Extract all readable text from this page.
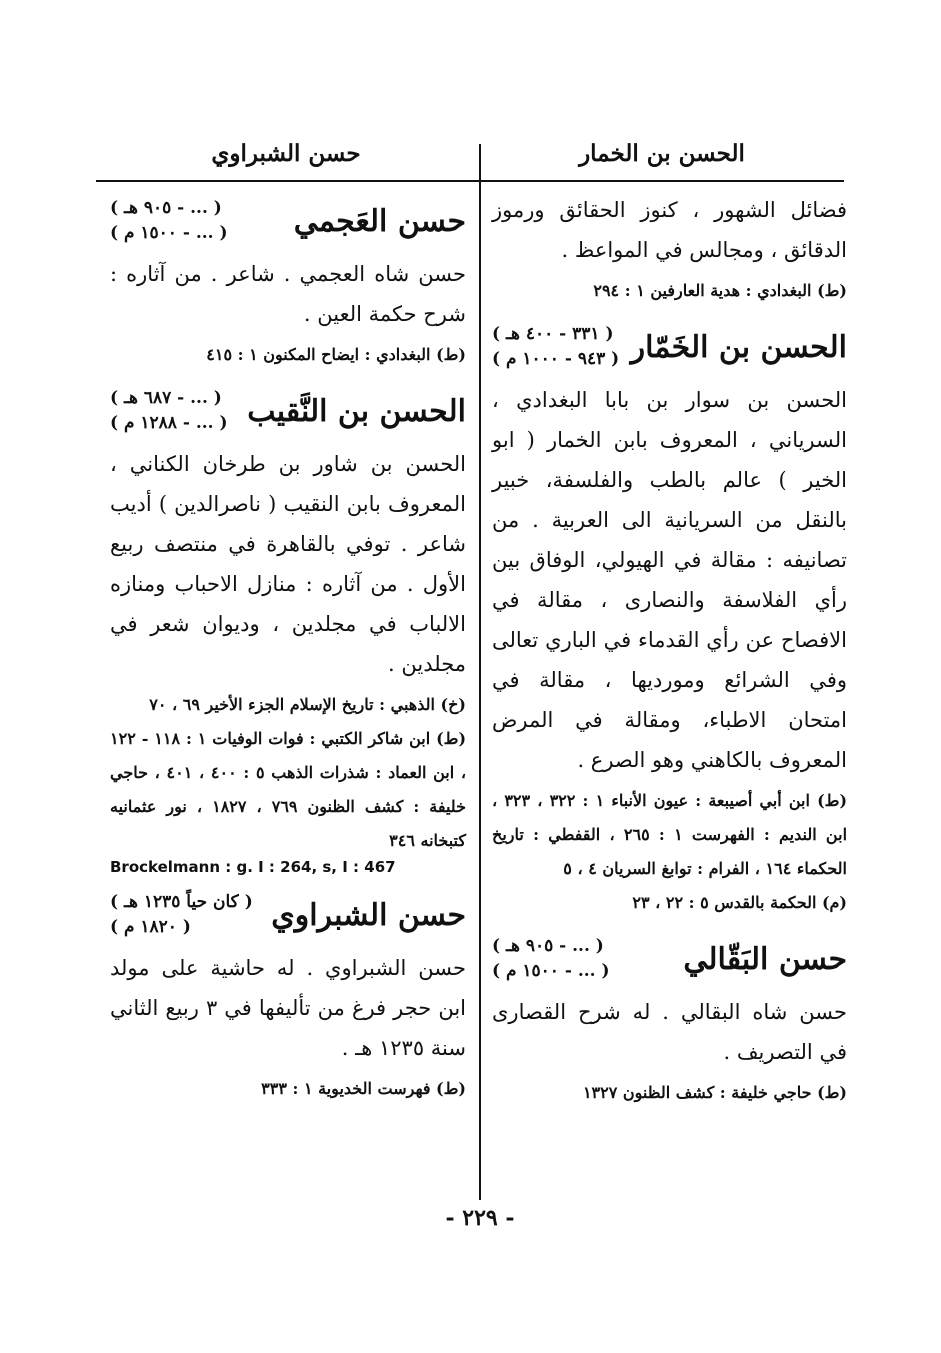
الحسن بن الخمار
حسن الشبراوي

فضائل الشهور ، كنوز الحقائق ورموز الدقائق ، ومجالس في المواعظ .

(ط) البغدادي : هدية العارفين ١ : ٢٩٤

الحسن بن الخَمّار
( ٣٣١ - ٤٠٠ هـ )
( ٩٤٣ - ١٠٠٠ م )

الحسن بن سوار بن بابا البغدادي ، السرياني ، المعروف بابن الخمار ( ابو الخير ) عالم بالطب والفلسفة، خبير بالنقل من السريانية الى العربية . من تصانيفه : مقالة في الهيولي، الوفاق بين رأي الفلاسفة والنصارى ، مقالة في الافصاح عن رأي القدماء في الباري تعالى وفي الشرائع ومورديها ، مقالة في امتحان الاطباء، ومقالة في المرض المعروف بالكاهني وهو الصرع .

(ط) ابن أبي أصيبعة : عيون الأنباء ١ : ٣٢٢ ، ٣٢٣ ، ابن النديم : الفهرست ١ : ٢٦٥ ، القفطي : تاريخ الحكماء ١٦٤ ، الفرام : توابغ السريان ٤ ، ٥

(م) الحكمة بالقدس ٥ : ٢٢ ، ٢٣

حسن البَقّالي
( ... - ٩٠٥ هـ )
( ... - ١٥٠٠ م )

حسن شاه البقالي . له شرح القصارى في التصريف .

(ط) حاجي خليفة : كشف الظنون ١٣٢٧

حسن العَجمي
( ... - ٩٠٥ هـ )
( ... - ١٥٠٠ م )

حسن شاه العجمي . شاعر . من آثاره : شرح حكمة العين .

(ط) البغدادي : ايضاح المكنون ١ : ٤١٥

الحسن بن النَّقيب
( ... - ٦٨٧ هـ )
( ... - ١٢٨٨ م )

الحسن بن شاور بن طرخان الكناني ، المعروف بابن النقيب ( ناصرالدين ) أديب شاعر . توفي بالقاهرة في منتصف ربيع الأول . من آثاره : منازل الاحباب ومنازه الالباب في مجلدين ، وديوان شعر في مجلدين .

(خ) الذهبي : تاريخ الإسلام الجزء الأخير ٦٩ ، ٧٠

(ط) ابن شاكر الكتبي : فوات الوفيات ١ : ١١٨ - ١٢٢ ، ابن العماد : شذرات الذهب ٥ : ٤٠٠ ، ٤٠١ ، حاجي خليفة : كشف الظنون ٧٦٩ ، ١٨٢٧ ، نور عثمانيه كتبخانه ٣٤٦

Brockelmann : g. I : 264, s, I : 467

حسن الشبراوي
( كان حياً ١٢٣٥ هـ )
( ١٨٢٠ م )

حسن الشبراوي . له حاشية على مولد ابن حجر فرغ من تأليفها في ٣ ربيع الثاني سنة ١٢٣٥ هـ .

(ط) فهرست الخديوية ١ : ٣٣٣

- ٢٢٩ -
